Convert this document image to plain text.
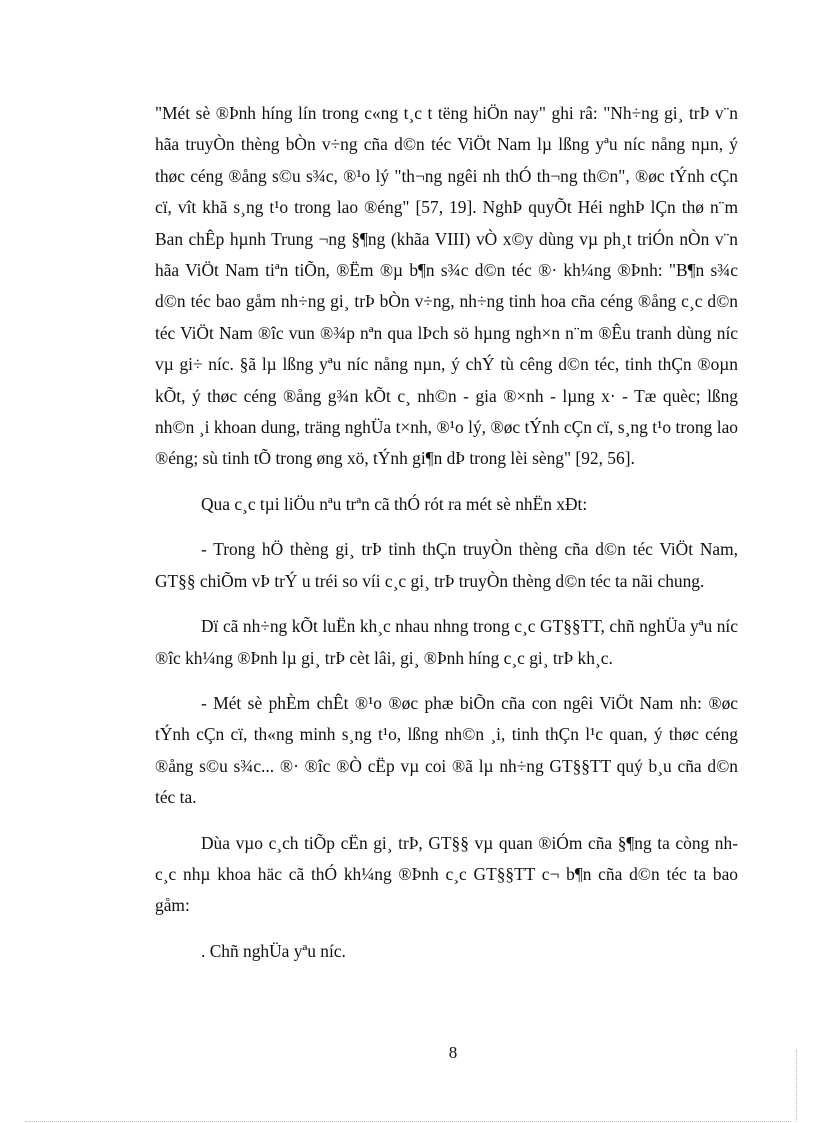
"Mét sè ®Þnh híng lín trong c«ng t¸c t tëng hiÖn nay" ghi râ: "Nh÷ng gi¸ trÞ v¨n hãa truyÒn thèng bÒn v÷ng cña d©n téc ViÖt Nam lµ lßng yªu níc nång nµn, ý thøc céng ®ång s©u s¾c, ®¹o lý "th¬ng ngêi nh thÓ th¬ng th©n", ®øc tÝnh cÇn cï, vît khã s¸ng t¹o trong lao ®éng" [57, 19]. NghÞ quyÕt Héi nghÞ lÇn thø n¨m Ban chÊp hµnh Trung ¬ng §¶ng (khãa VIII) vÒ x©y dùng vµ ph¸t triÓn nÒn v¨n hãa ViÖt Nam tiªn tiÕn, ®Ëm ®µ b¶n s¾c d©n téc ®· kh¼ng ®Þnh: "B¶n s¾c d©n téc bao gåm nh÷ng gi¸ trÞ bÒn v÷ng, nh÷ng tinh hoa cña céng ®ång c¸c d©n téc ViÖt Nam ®îc vun ®¾p nªn qua lÞch sö hµng ngh×n n¨m ®Êu tranh dùng níc vµ gi÷ níc. §ã lµ lßng yªu níc nång nµn, ý chÝ tù cêng d©n téc, tinh thÇn ®oµn kÕt, ý thøc céng ®ång g¾n kÕt c¸ nh©n - gia ®×nh - lµng x· - Tæ quèc; lßng nh©n ¸i khoan dung, träng nghÜa t×nh, ®¹o lý, ®øc tÝnh cÇn cï, s¸ng t¹o trong lao ®éng; sù tinh tÕ trong øng xö, tÝnh gi¶n dÞ trong lèi sèng" [92, 56].

Qua c¸c tµi liÖu nªu trªn cã thÓ rót ra mét sè nhËn xÐt:

- Trong hÖ thèng gi¸ trÞ tinh thÇn truyÒn thèng cña d©n téc ViÖt Nam, GT§§ chiÕm vÞ trÝ u tréi so víi c¸c gi¸ trÞ truyÒn thèng d©n téc ta nãi chung.

Dï cã nh÷ng kÕt luËn kh¸c nhau nhng trong c¸c GT§§TT, chñ nghÜa yªu níc ®îc kh¼ng ®Þnh lµ gi¸ trÞ cèt lâi, gi¸ ®Þnh híng c¸c gi¸ trÞ kh¸c.

- Mét sè phÈm chÊt ®¹o ®øc phæ biÕn cña con ngêi ViÖt Nam nh: ®øc tÝnh cÇn cï, th«ng minh s¸ng t¹o, lßng nh©n ¸i, tinh thÇn l¹c quan, ý thøc céng ®ång s©u s¾c... ®· ®îc ®Ò cËp vµ coi ®ã lµ nh÷ng GT§§TT quý b¸u cña d©n téc ta.

Dùa vµo c¸ch tiÕp cËn gi¸ trÞ, GT§§ vµ quan ®iÓm cña §¶ng ta còng nh c¸c nhµ khoa häc cã thÓ kh¼ng ®Þnh c¸c GT§§TT c¬ b¶n cña d©n téc ta bao gåm:

. Chñ nghÜa yªu níc.

8
